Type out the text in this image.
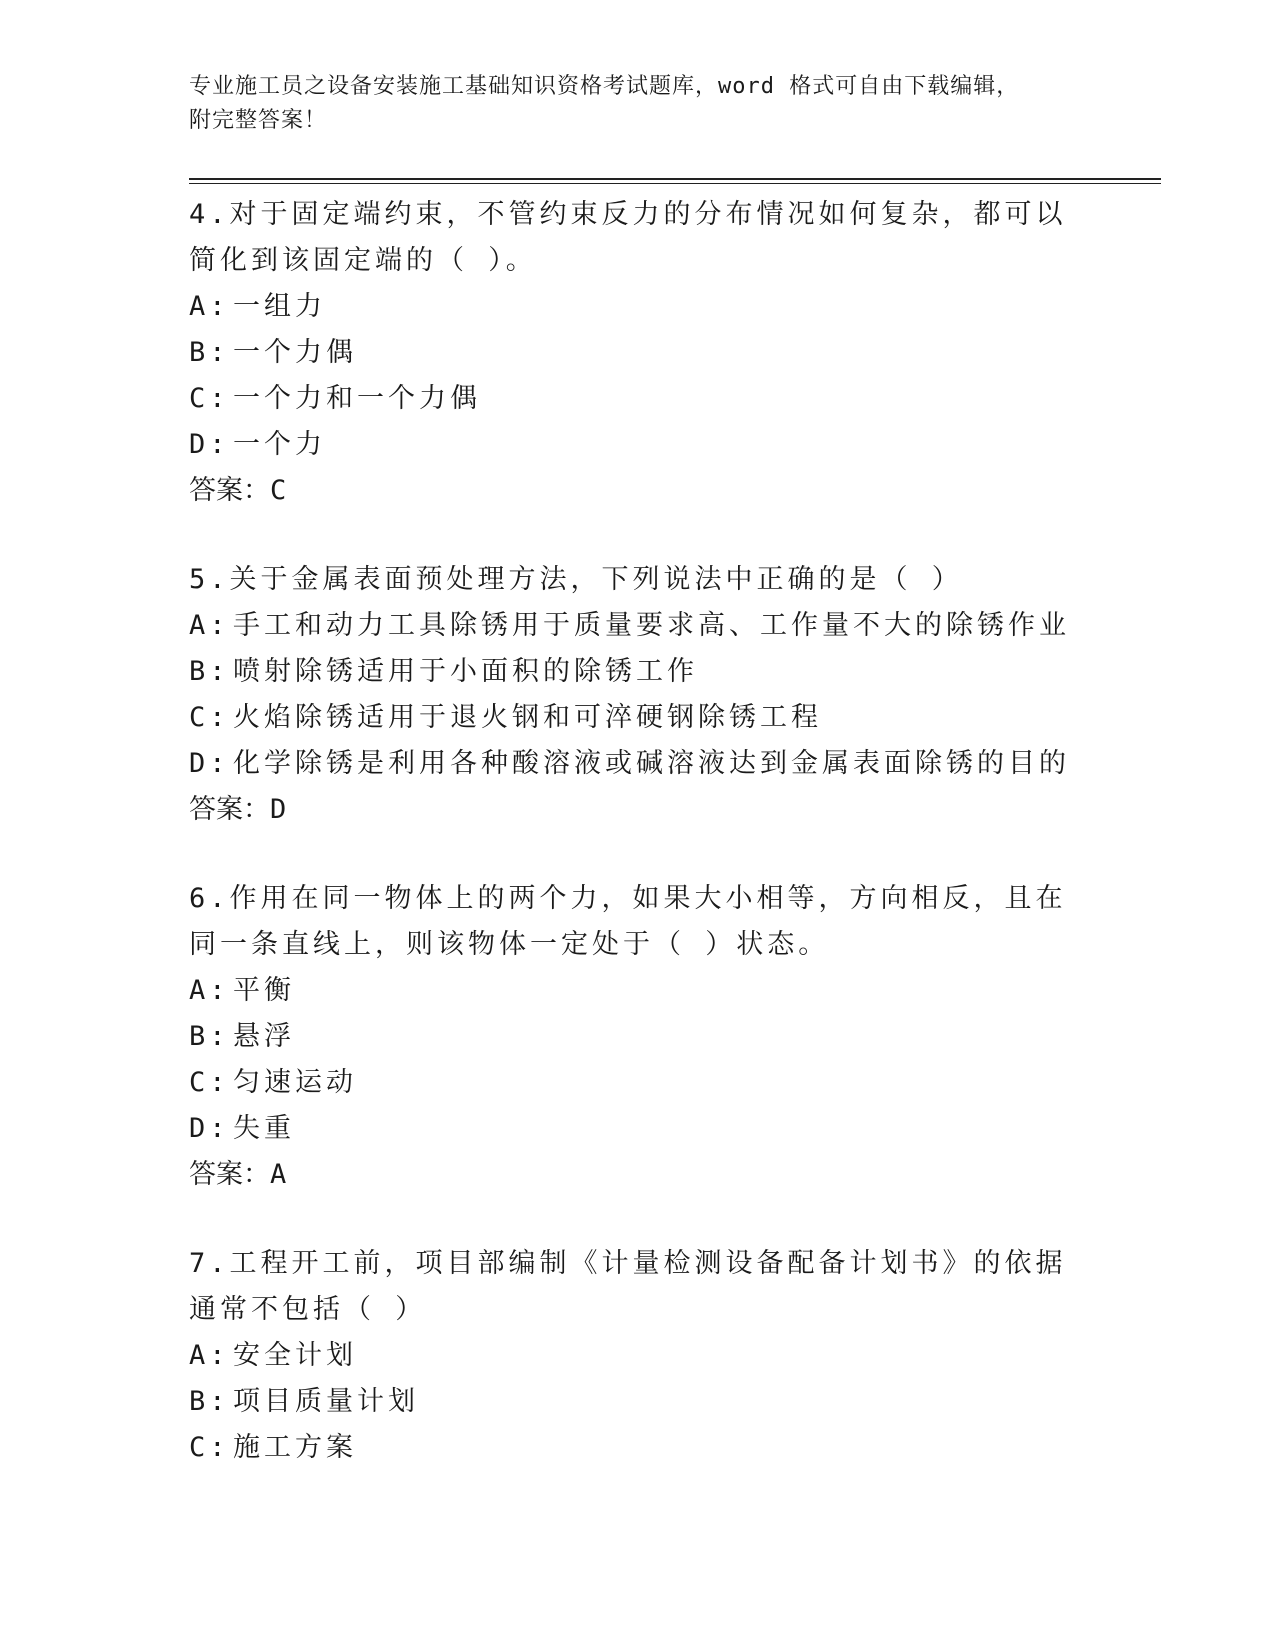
专业施工员之设备安装施工基础知识资格考试题库，word 格式可自由下载编辑，
附完整答案！

4.对于固定端约束，不管约束反力的分布情况如何复杂，都可以简化到该固定端的（ ）。

A: 一组力

B: 一个力偶

C: 一个力和一个力偶

D: 一个力

答案：C

5.关于金属表面预处理方法，下列说法中正确的是（ ）

A: 手工和动力工具除锈用于质量要求高、工作量不大的除锈作业

B: 喷射除锈适用于小面积的除锈工作

C: 火焰除锈适用于退火钢和可淬硬钢除锈工程

D: 化学除锈是利用各种酸溶液或碱溶液达到金属表面除锈的目的

答案：D

6.作用在同一物体上的两个力，如果大小相等，方向相反，且在同一条直线上，则该物体一定处于（ ）状态。

A: 平衡

B: 悬浮

C: 匀速运动

D: 失重

答案：A

7.工程开工前，项目部编制《计量检测设备配备计划书》的依据通常不包括（ ）

A: 安全计划

B: 项目质量计划

C: 施工方案
